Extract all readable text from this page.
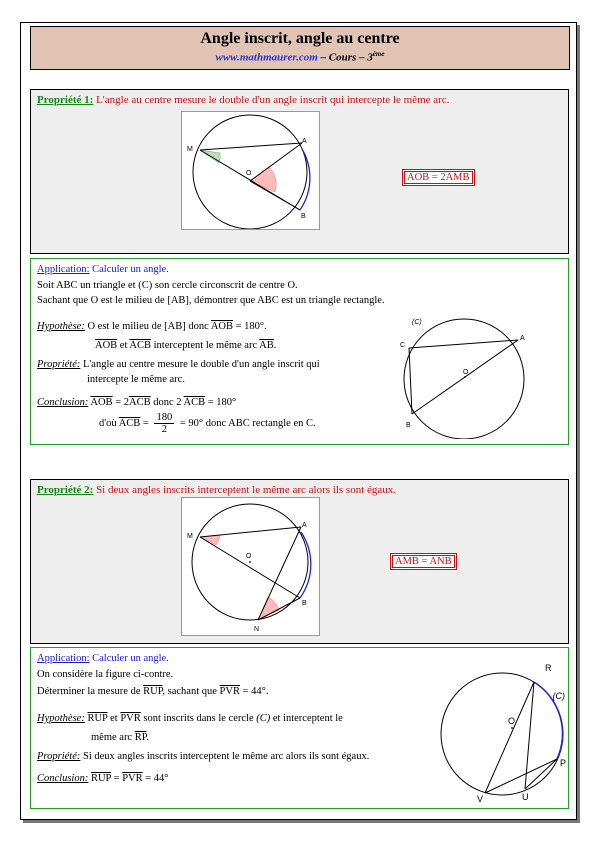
Angle inscrit, angle au centre
www.mathmaurer.com – Cours – 3ème
Propriété 1: L'angle au centre mesure le double d'un angle inscrit qui intercepte le même arc.
AOB = 2AMB
M
A
O
B
Application: Calculer un angle.
Soit ABC un triangle et (C) son cercle circonscrit de centre O.
Sachant que O est le milieu de [AB], démontrer que ABC est un triangle rectangle.
Hypothèse: O est le milieu de [AB] donc $\overline{AOB} = 180^\circ$.
$\overline{AOB}$ et $\overline{ACB}$ interceptent le même arc $\overline{AB}$.
Propriété: L'angle au centre mesure le double d'un angle inscrit qui
intercepte le même arc.
Conclusion: $\overline{AOB} = 2\overline{ACB}$ donc 2 $\overline{ACB} = 180^\circ$
d'où $\overline{ACB} = \frac{180}{2} = 90^\circ$ donc ABC rectangle en C.
(C)
C
A
O
B
Propriété 2: Si deux angles inscrits interceptent le même arc alors ils sont égaux.
AMB = ANB
M
A
O
B
N
Application: Calculer un angle.
On considère la figure ci-contre.
Déterminer la mesure de $\overline{RUP}$, sachant que $\overline{PVR} = 44^\circ$.
Hypothèse: $\overline{RUP}$ et $\overline{PVR}$ sont inscrits dans le cercle (C) et interceptent le
même arc $\overline{RP}$.
Propriété: Si deux angles inscrits interceptent le même arc alors ils sont égaux.
Conclusion: $\overline{RUP} = \overline{PVR} = 44^\circ$
R
(C)
O
P
V	U
